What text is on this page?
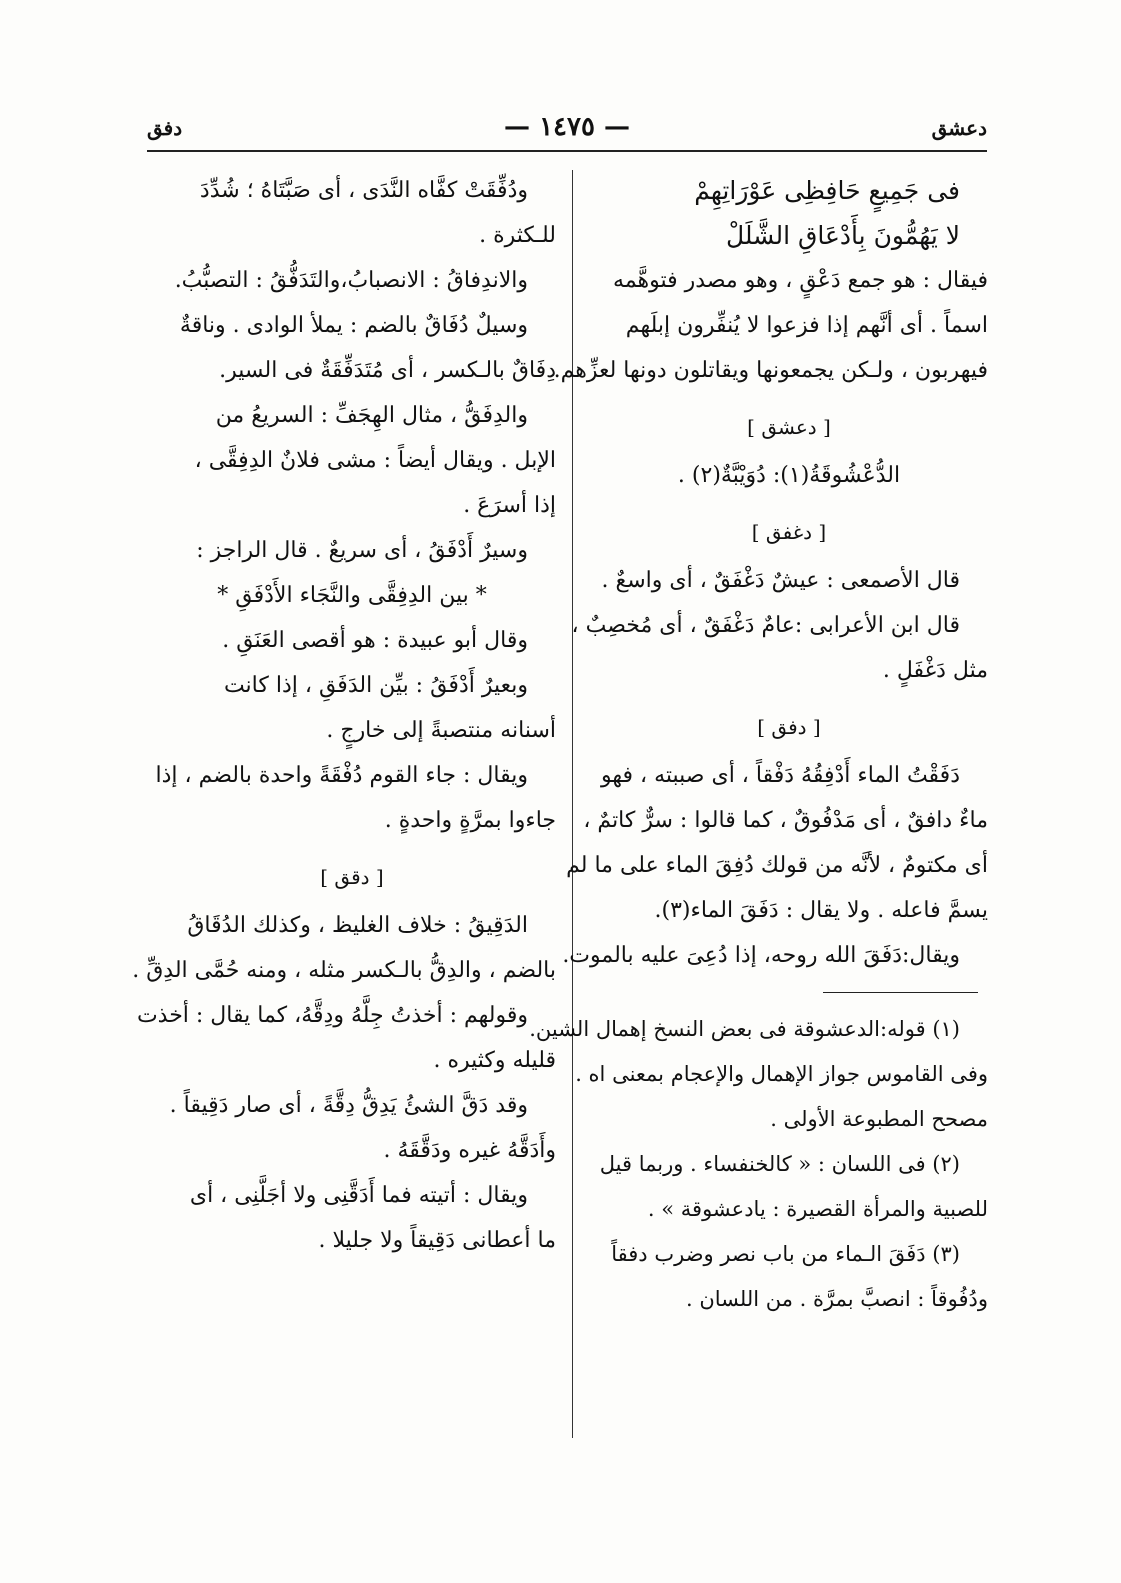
دعشق
— ١٤٧٥ —
دفق
فى جَمِيعٍ حَافِظِى عَوْرَاتِهِمْ
لا يَهُمُّونَ بِأَدْعَاقِ الشَّلَلْ
فيقال : هو جمع دَعْقٍ ، وهو مصدر فتوهَّمه
اسماً . أى أنَّهم إذا فزعوا لا يُنفِّرون إبلَهم
فيهربون ، ولـكن يجمعونها ويقاتلون دونها لعزِّهم.
[ دعشق ]
الدُّعْشُوقَةُ(١): دُوَيْبَّةٌ(٢) .
[ دغفق ]
قال الأصمعى : عيشٌ دَغْفَقٌ ، أى واسعٌ .
قال ابن الأعرابى :عامٌ دَغْفَقٌ ، أى مُخصِبٌ ،
مثل دَغْفَلٍ .
[ دفق ]
دَفَقْتُ الماء أَدْفِقُهُ دَفْقاً ، أى صببته ، فهو
ماءٌ دافقٌ ، أى مَدْفُوقٌ ، كما قالوا : سرٌّ كاتمٌ ،
أى مكتومٌ ، لأنَّه من قولك دُفِقَ الماء على ما لم
يسمَّ فاعله . ولا يقال : دَفَقَ الماء(٣).
ويقال:دَفَقَ الله روحه، إذا دُعِىَ عليه بالموت.
(١) قوله:الدعشوقة فى بعض النسخ إهمال الشين.
وفى القاموس جواز الإهمال والإعجام بمعنى اه .
مصحح المطبوعة الأولى .
(٢) فى اللسان : « كالخنفساء . وربما قيل
للصبية والمرأة القصيرة : يادعشوقة » .
(٣) دَفَقَ الـماء من باب نصر وضرب دفقاً
ودُفُوقاً : انصبَّ بمرَّة . من اللسان .
ودُفِّقَتْ كفَّاه النَّدَى ، أى صَبَّتَاهُ ؛ شُدِّدَ
للـكثرة .
والاندِفاقُ : الانصبابُ،والتَدَفُّقُ : التصبُّبُ.
وسيلٌ دُفَاقٌ بالضم : يملأ الوادى . وناقةٌ
دِفَاقٌ بالـكسر ، أى مُتَدَفِّقَةٌ فى السير.
والدِفَقُّ ، مثال الهِجَفِّ : السريعُ من
الإبل . ويقال أيضاً : مشى فلانٌ الدِفِقَّى ،
إذا أسرَعَ .
وسيرٌ أَدْفَقُ ، أى سريعٌ . قال الراجز :
* بين الدِفِقَّى والنَّجَاء الأَدْفَقِ *
وقال أبو عبيدة : هو أقصى العَنَقِ .
وبعيرٌ أَدْفَقُ : بيِّن الدَفَقِ ، إذا كانت
أسنانه منتصبةً إلى خارجٍ .
ويقال : جاء القوم دُفْقَةً واحدة بالضم ، إذا
جاءوا بمرَّةٍ واحدةٍ .
[ دقق ]
الدَقِيقُ : خلاف الغليظ ، وكذلك الدُقَاقُ
بالضم ، والدِقُّ بالـكسر مثله ، ومنه حُمَّى الدِقِّ .
وقولهم : أخذتُ جِلَّهُ ودِقَّهُ، كما يقال : أخذت
قليله وكثيره .
وقد دَقَّ الشئُ يَدِقُّ دِقَّةً ، أى صار دَقِيقاً .
وأَدَقَّهُ غيره ودَقَّقَهُ .
ويقال : أتيته فما أَدَقَّنِى ولا أجَلَّنِى ، أى
ما أعطانى دَقِيقاً ولا جليلا .
